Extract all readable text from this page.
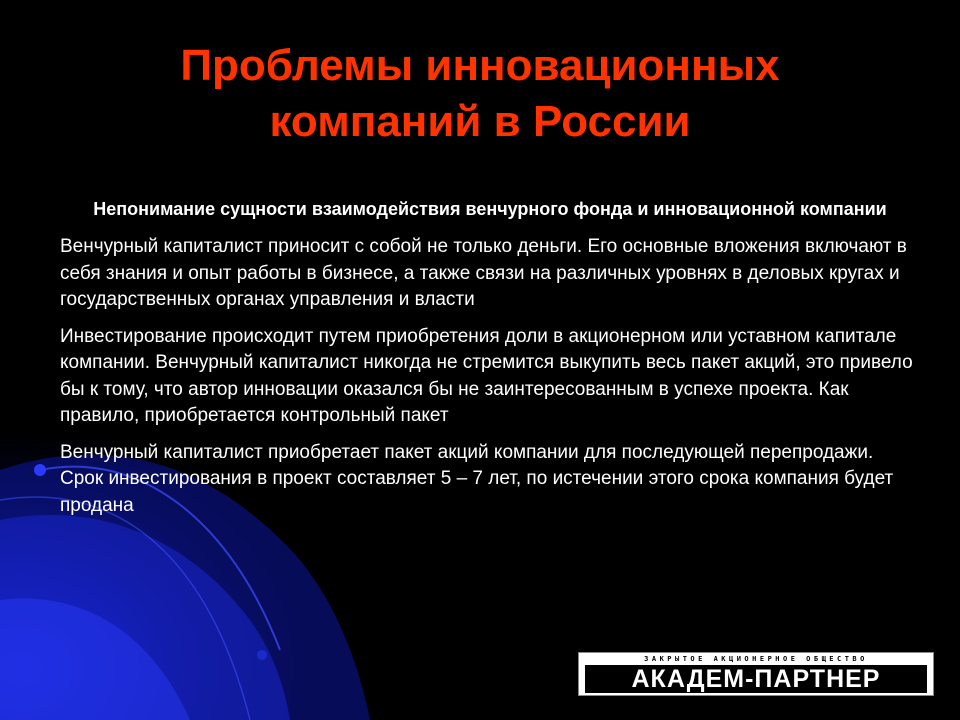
Проблемы инновационных
компаний в России
Непонимание сущности взаимодействия венчурного фонда и инновационной компании

Венчурный капиталист приносит с собой не только деньги. Его основные вложения включают в себя знания и опыт работы в бизнесе, а также связи на различных уровнях в деловых кругах и государственных органах управления и власти

Инвестирование происходит путем приобретения доли в акционерном или уставном капитале компании. Венчурный капиталист никогда не стремится выкупить весь пакет акций, это привело бы к тому, что автор инновации оказался бы не заинтересованным в успехе проекта. Как правило, приобретается контрольный пакет

Венчурный капиталист приобретает пакет акций компании для последующей перепродажи. Срок инвестирования в проект составляет 5 – 7 лет, по истечении этого срока компания будет продана

ЗАКРЫТОЕ АКЦИОНЕРНОЕ ОБЩЕСТВО
АКАДЕМ-ПАРТНЕР
